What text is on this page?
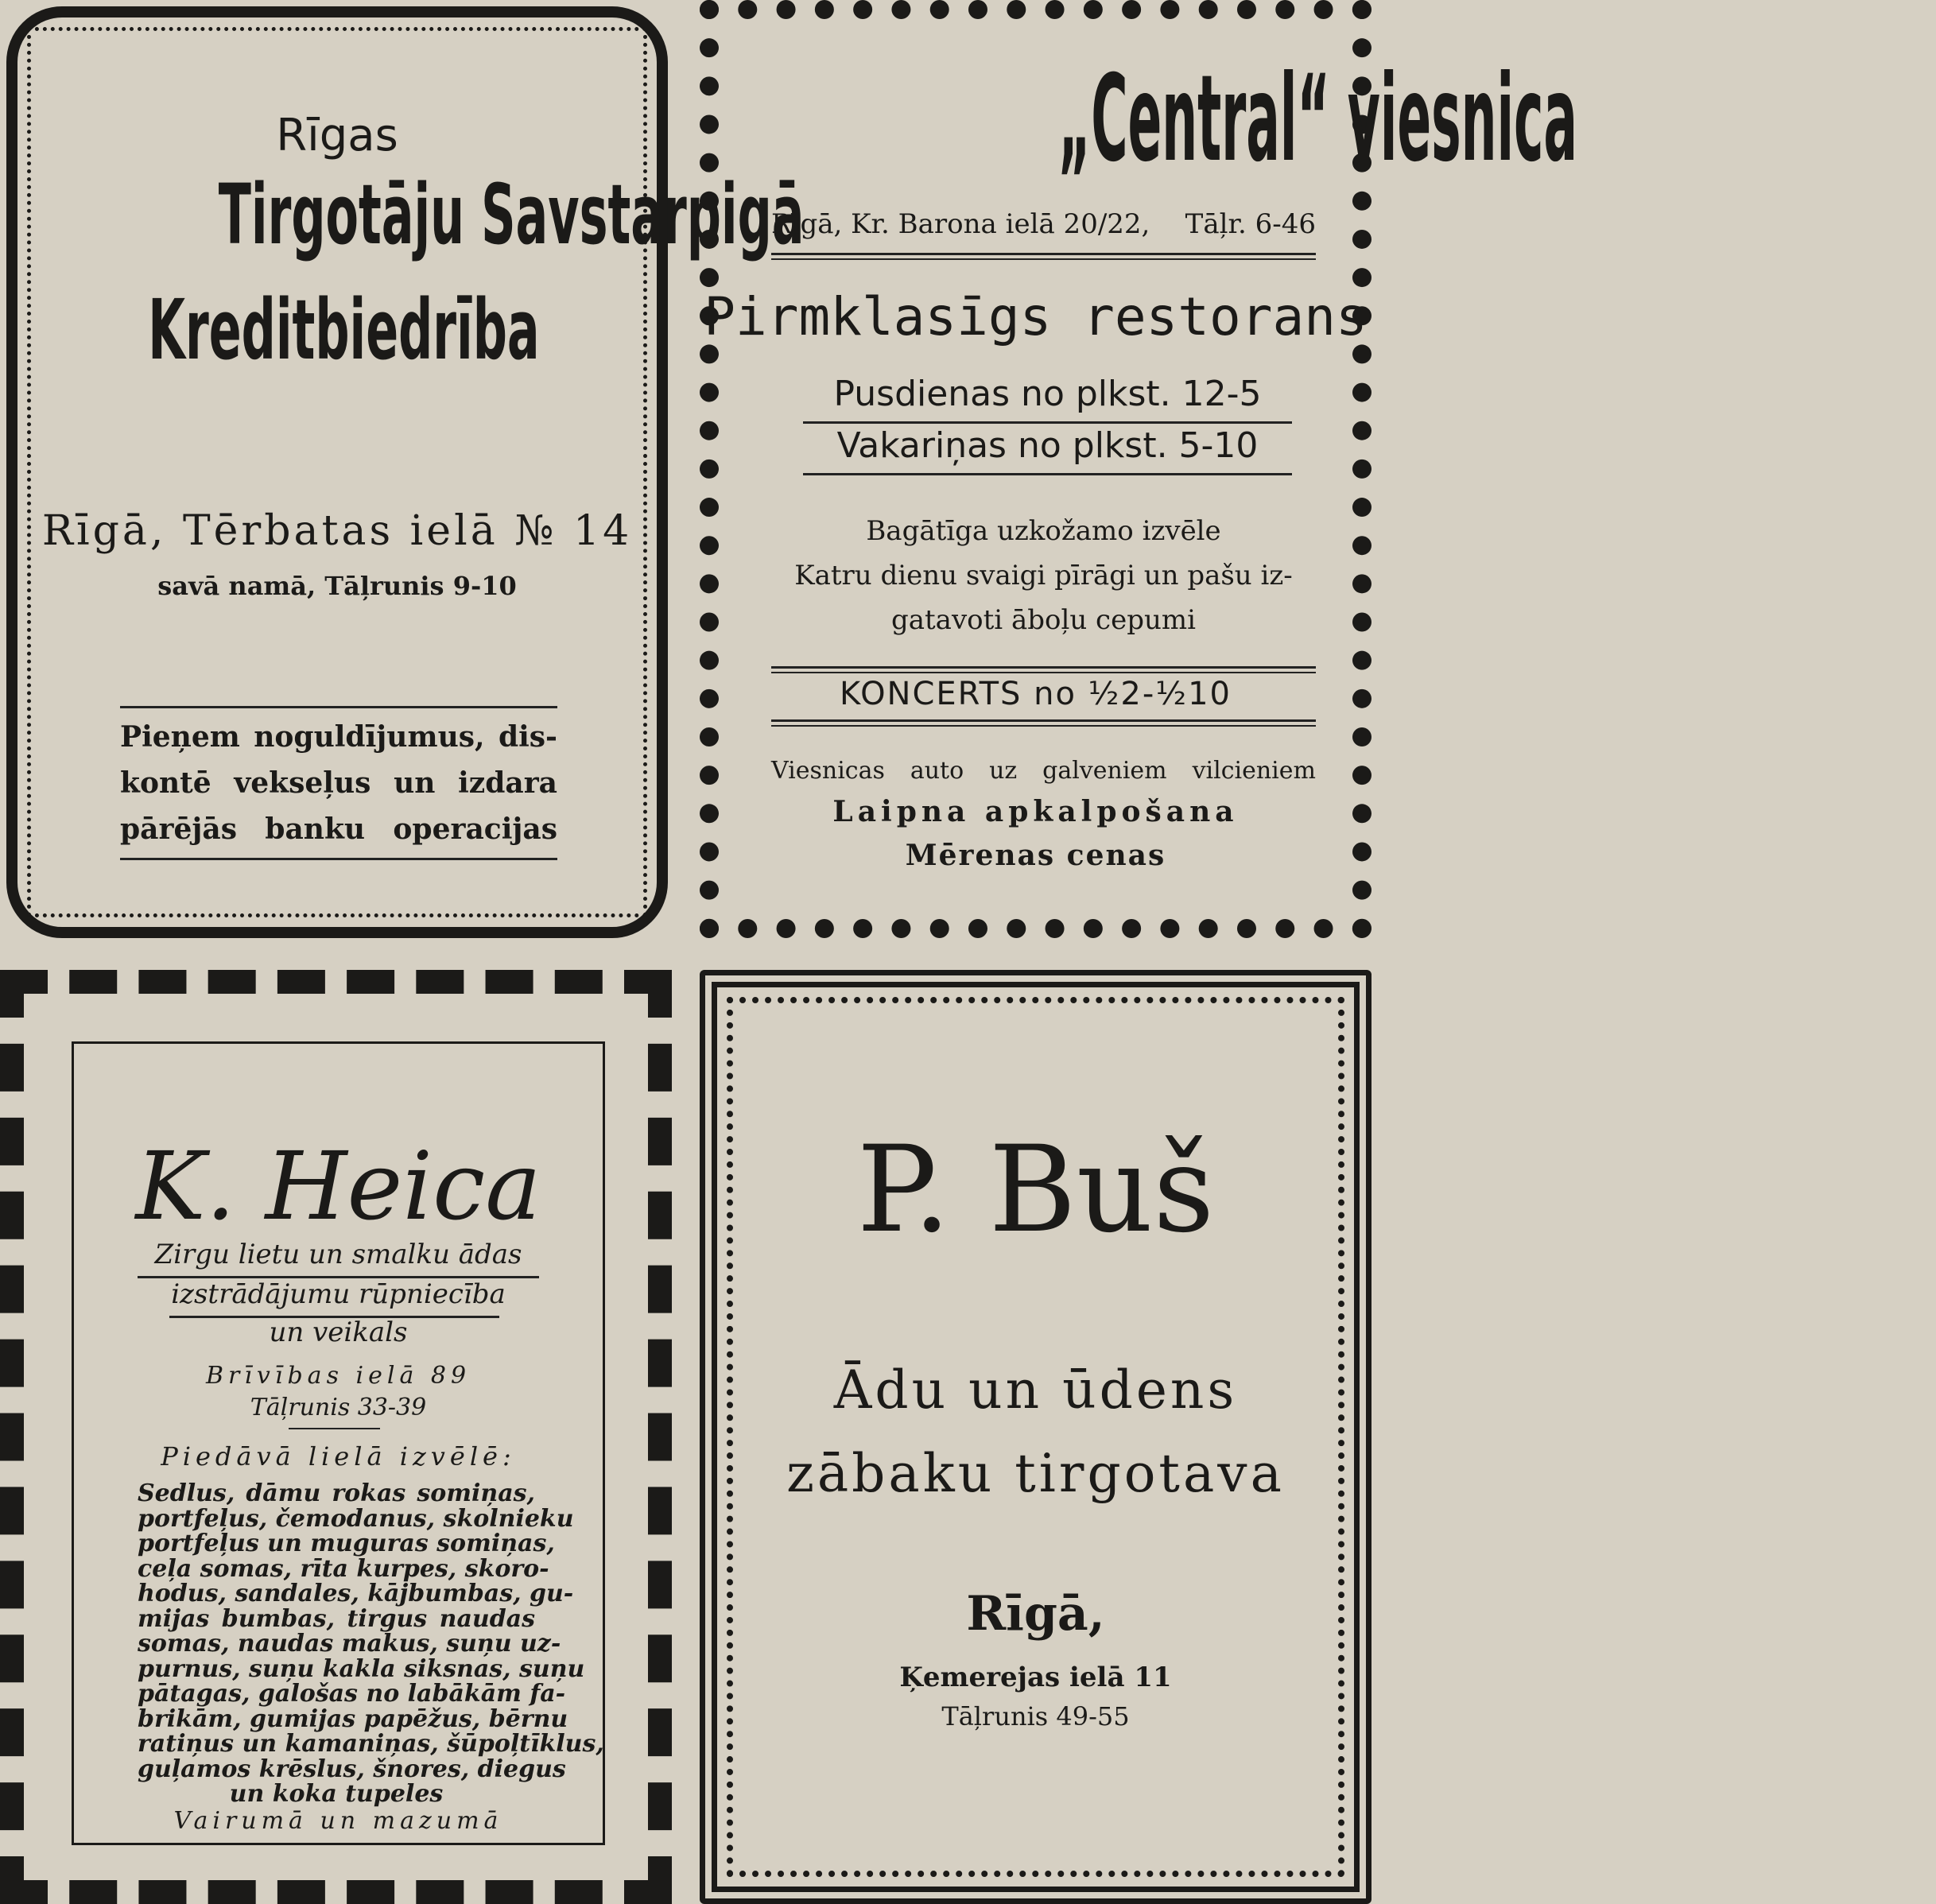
Rīgas
Tirgotāju Savstarpigā
Kreditbiedrība
Rīgā, Tērbatas ielā № 14
savā namā, Tāļrunis 9-10

Pieņem noguldījumus, dis-

kontē vekseļus un izdara

pārējās banku operacijas

„Central“ viesnica
Rīgā, Kr. Barona ielā 20/22, Tāļr. 6-46
Pirmklasīgs restorans
Pusdienas no plkst. 12-5
Vakariņas no plkst. 5-10
Bagātīga uzkožamo izvēle
Katru dienu svaigi pīrāgi un pašu iz-
gatavoti āboļu cepumi
KONCERTS no ½2-½10
Viesnicas auto uz galveniem vilcieniem
Laipna apkalpošana
Mērenas cenas
K. Heica
Zirgu lietu un smalku ādas
izstrādājumu rūpniecība
un veikals
Brīvības ielā 89
Tāļrunis 33-39
Piedāvā lielā izvēlē:
Sedlus, dāmu rokas somiņas,
portfeļus, čemodanus, skolnieku
portfeļus un muguras somiņas,
ceļa somas, rīta kurpes, skoro-
hodus, sandales, kājbumbas, gu-
mijas bumbas, tirgus naudas
somas, naudas makus, suņu uz-
purnus, suņu kakla siksnas, suņu
pātagas, galošas no labākām fa-
brikām, gumijas papēžus, bērnu
ratiņus un kamaniņas, šūpoļtīklus,
guļamos krēslus, šnores, diegus
un koka tupeles
Vairumā un mazumā
P. Buš
Ādu un ūdens
zābaku tirgotava
Rīgā,
Ķemerejas ielā 11
Tāļrunis 49-55
